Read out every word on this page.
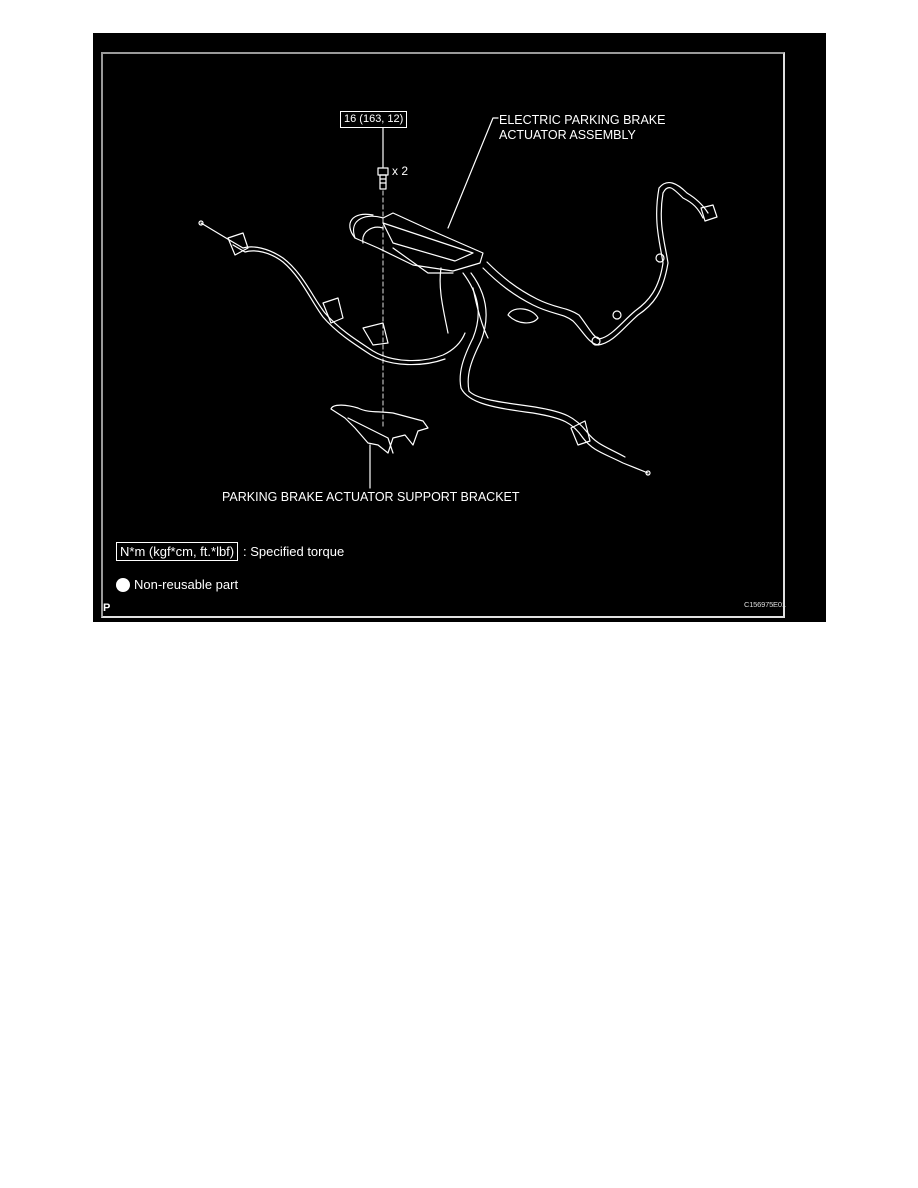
16 (163, 12)
x 2
ELECTRIC PARKING BRAKE
ACTUATOR ASSEMBLY
PARKING BRAKE ACTUATOR SUPPORT BRACKET
N*m (kgf*cm, ft.*lbf) : Specified torque
Non-reusable part
P	C156975E01
